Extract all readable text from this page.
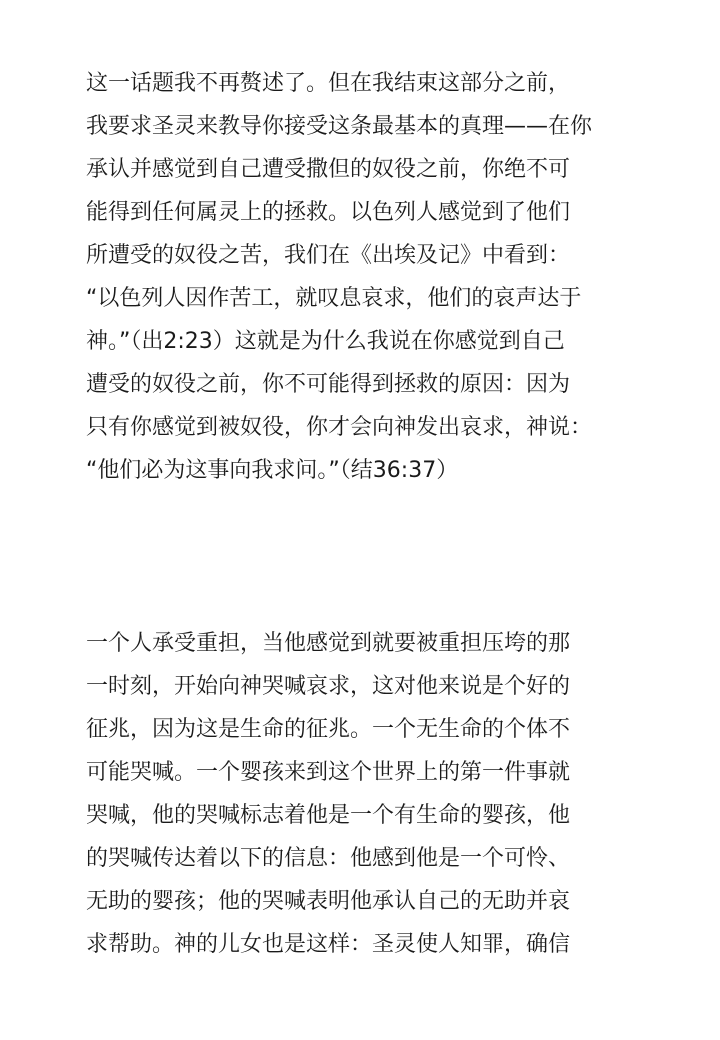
这一话题我不再赘述了。但在我结束这部分之前，
我要求圣灵来教导你接受这条最基本的真理——在你
承认并感觉到自己遭受撒但的奴役之前，你绝不可
能得到任何属灵上的拯救。以色列人感觉到了他们
所遭受的奴役之苦，我们在《出埃及记》中看到：
“以色列人因作苦工，就叹息哀求，他们的哀声达于
神。”（出2:23）这就是为什么我说在你感觉到自己
遭受的奴役之前，你不可能得到拯救的原因：因为
只有你感觉到被奴役，你才会向神发出哀求，神说：
“他们必为这事向我求问。”（结36:37）
一个人承受重担，当他感觉到就要被重担压垮的那
一时刻，开始向神哭喊哀求，这对他来说是个好的
征兆，因为这是生命的征兆。一个无生命的个体不
可能哭喊。一个婴孩来到这个世界上的第一件事就
哭喊，他的哭喊标志着他是一个有生命的婴孩，他
的哭喊传达着以下的信息：他感到他是一个可怜、
无助的婴孩；他的哭喊表明他承认自己的无助并哀
求帮助。神的儿女也是这样：圣灵使人知罪，确信
